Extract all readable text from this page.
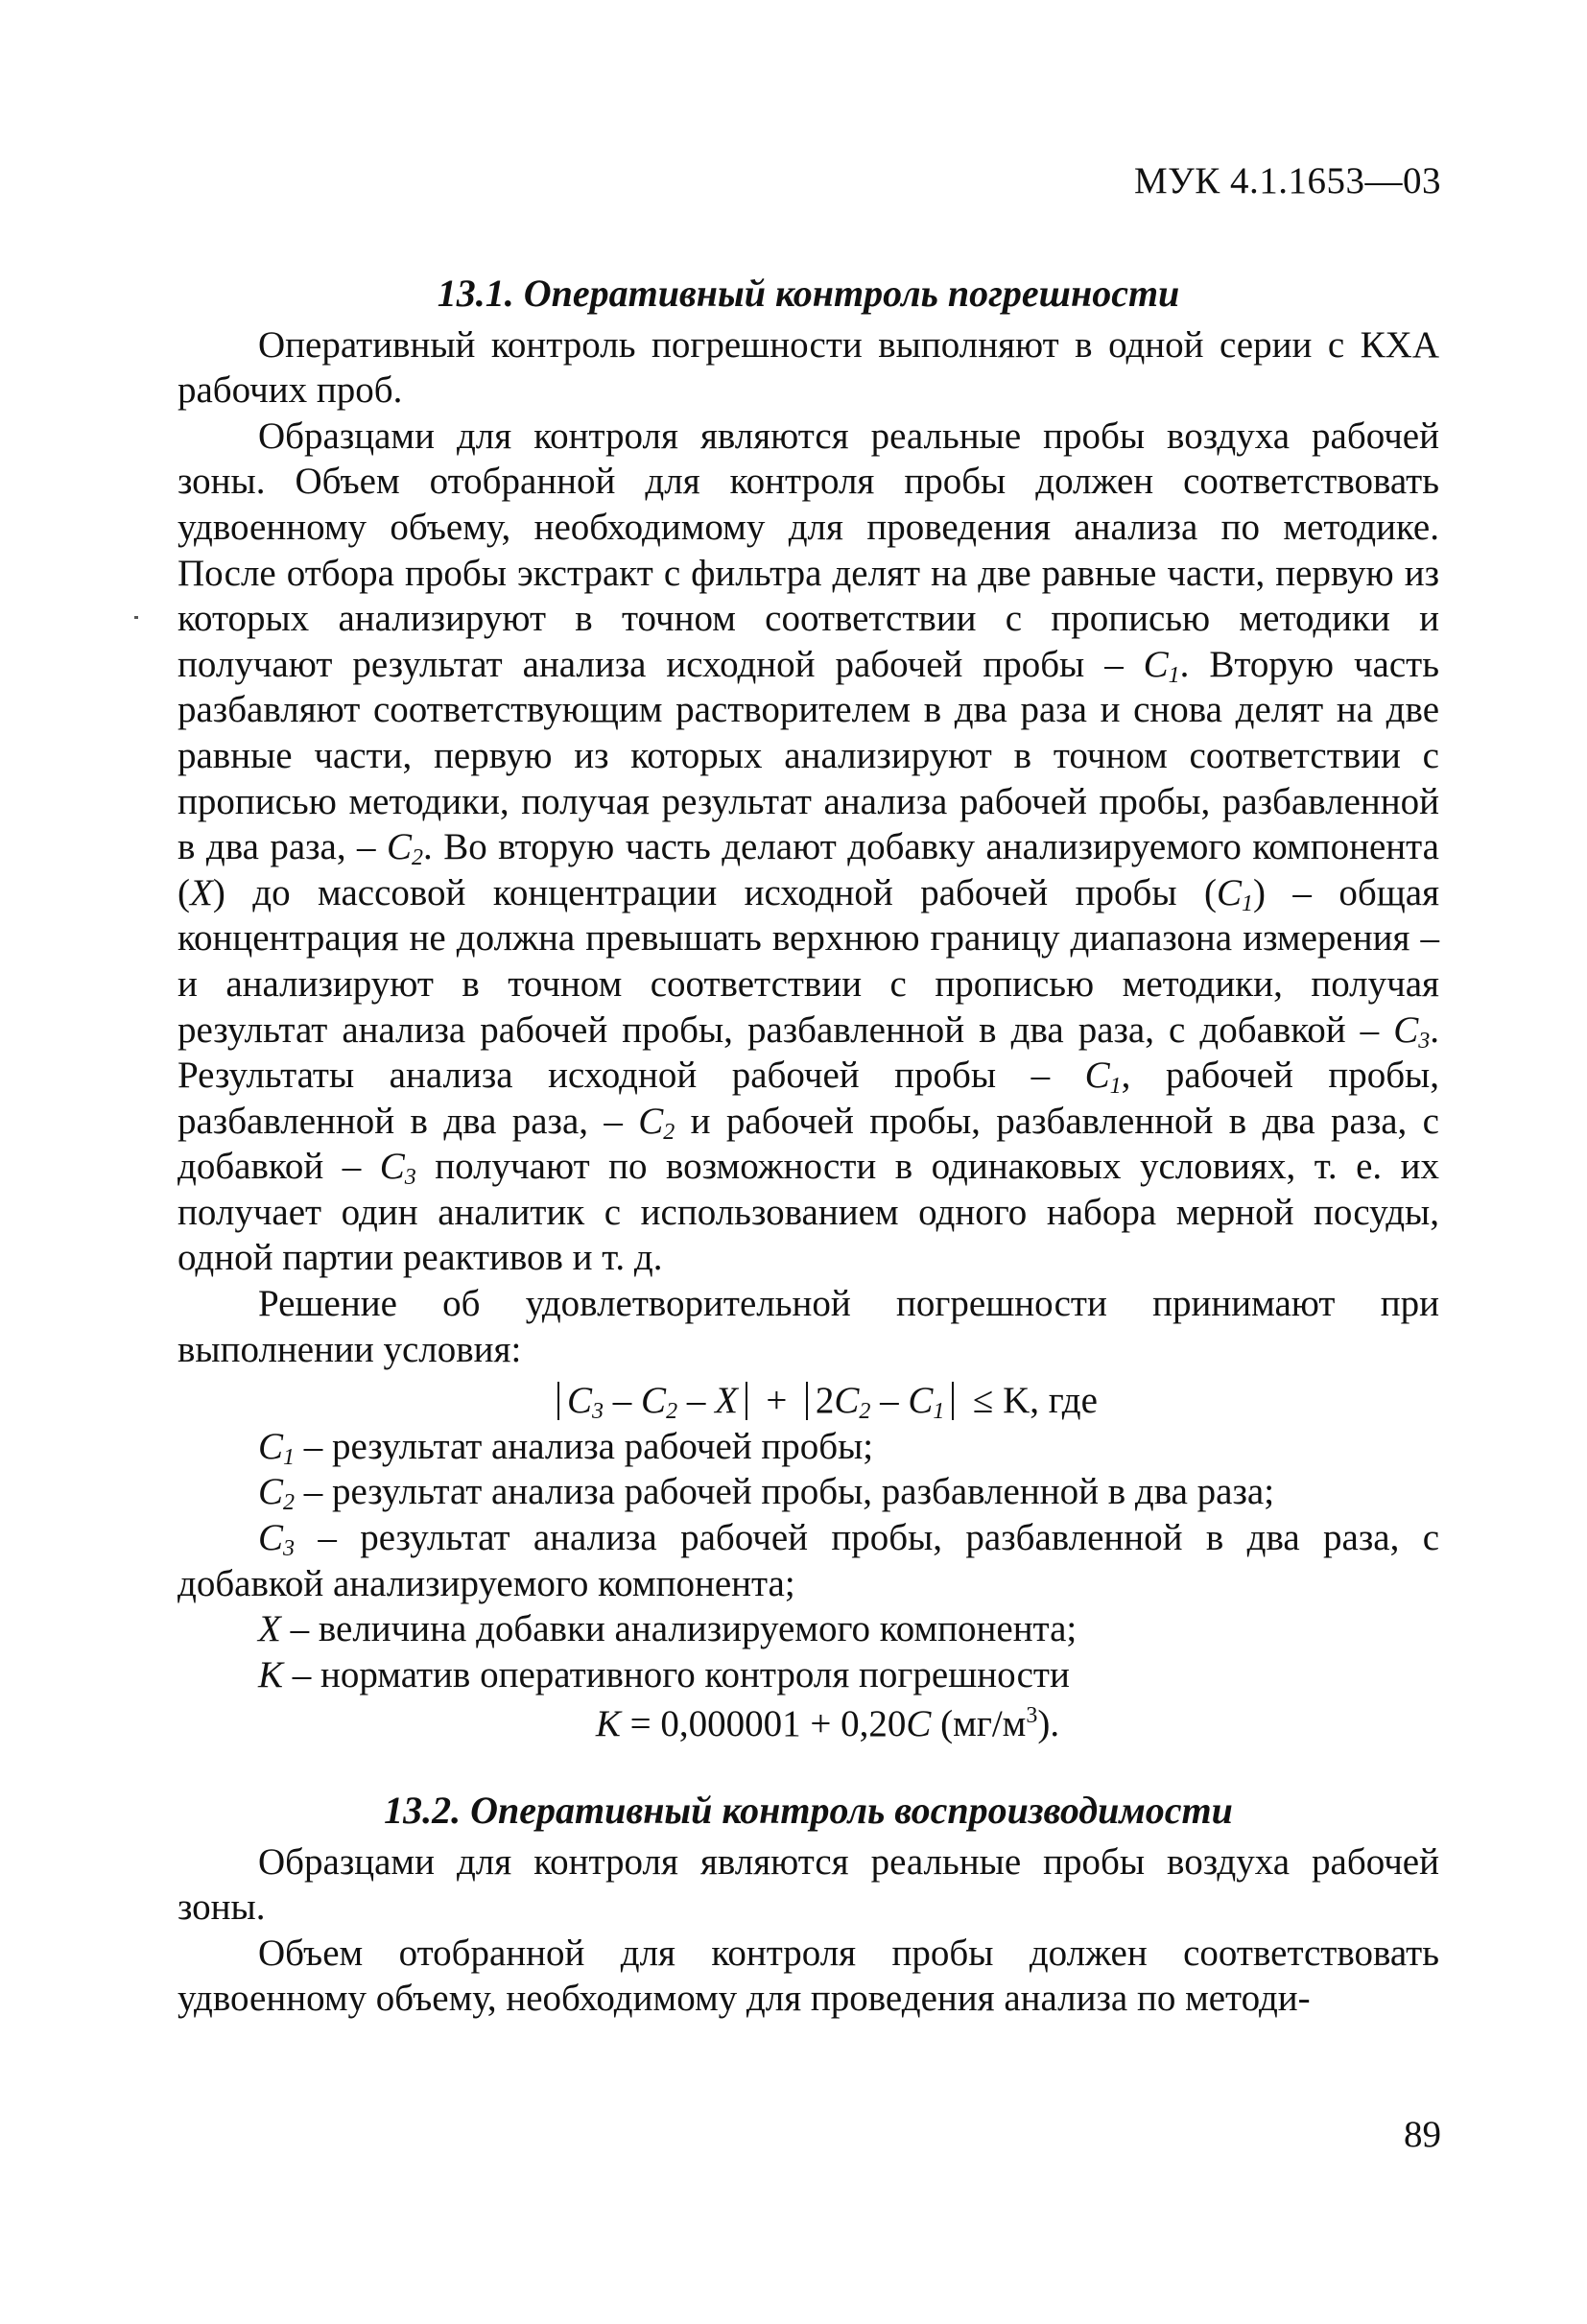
МУК 4.1.1653—03
13.1. Оперативный контроль погрешности

Оперативный контроль погрешности выполняют в одной серии с КХА рабочих проб.

Образцами для контроля являются реальные пробы воздуха рабочей зоны. Объем отобранной для контроля пробы должен соответствовать удвоенному объему, необходимому для проведения анализа по методике. После отбора пробы экстракт с фильтра делят на две равные части, первую из которых анализируют в точном соответствии с прописью методики и получают результат анализа исходной рабочей пробы – $C_1$. Вторую часть разбавляют соответствующим растворителем в два раза и снова делят на две равные части, первую из которых анализируют в точном соответствии с прописью методики, получая результат анализа рабочей пробы, разбавленной в два раза, – $C_2$. Во вторую часть делают добавку анализируемого компонента (X) до массовой концентрации исходной рабочей пробы $(C_1)$ – общая концентрация не должна превышать верхнюю границу диапазона измерения – и анализируют в точном соответствии с прописью методики, получая результат анализа рабочей пробы, разбавленной в два раза, с добавкой – $C_3$. Результаты анализа исходной рабочей пробы – $C_1$, рабочей пробы, разбавленной в два раза, – $C_2$ и рабочей пробы, разбавленной в два раза, с добавкой – $C_3$ получают по возможности в одинаковых условиях, т. е. их получает один аналитик с использованием одного набора мерной посуды, одной партии реактивов и т. д.

Решение об удовлетворительной погрешности принимают при выполнении условия:

$C_3 - C_2 - X + 2C_2 - C_1 \le K$, где

$C_1$ – результат анализа рабочей пробы;

$C_2$ – результат анализа рабочей пробы, разбавленной в два раза;

$C_3$ – результат анализа рабочей пробы, разбавленной в два раза, с добавкой анализируемого компонента;

X – величина добавки анализируемого компонента;

K – норматив оперативного контроля погрешности

K = 0,000001 + 0,20C $(мг/м^3)$.
13.2. Оперативный контроль воспроизводимости

Образцами для контроля являются реальные пробы воздуха рабочей зоны.

Объем отобранной для контроля пробы должен соответствовать удвоенному объему, необходимому для проведения анализа по методи-

89
